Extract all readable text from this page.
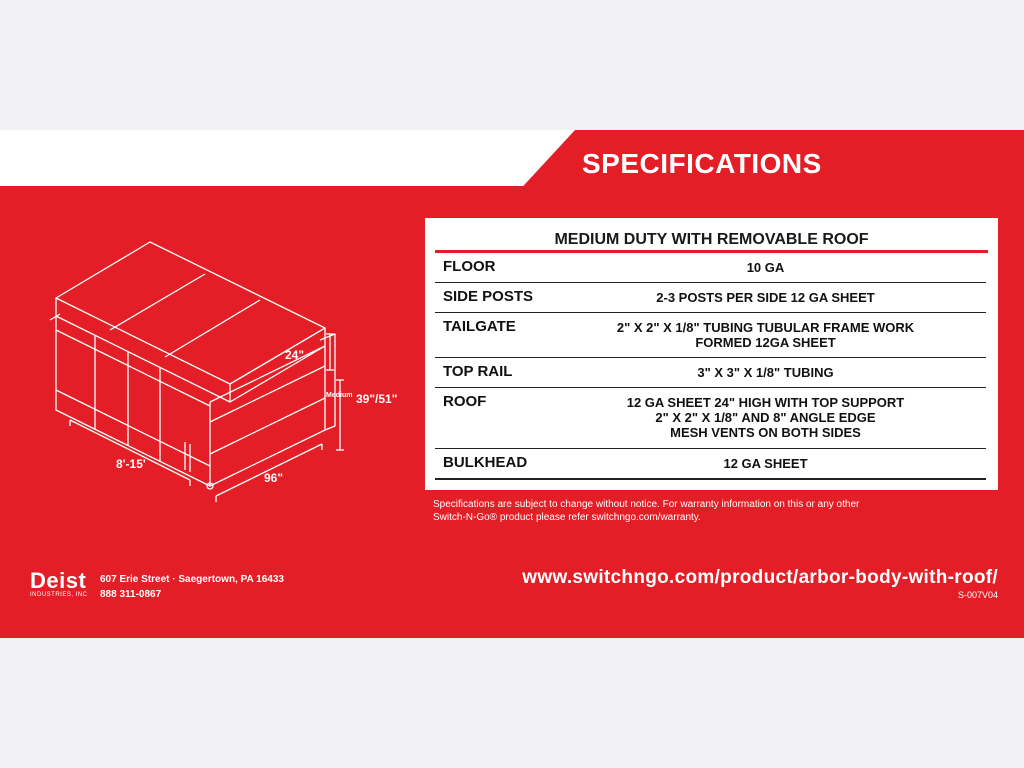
SPECIFICATIONS
24"
Medium 39"/51"
8'-15'
96"
MEDIUM DUTY WITH REMOVABLE ROOF
FLOOR	10 GA
SIDE POSTS	2-3 POSTS PER SIDE 12 GA SHEET
TAILGATE	2" X 2" X 1/8" TUBING TUBULAR FRAME WORK
FORMED 12GA SHEET
TOP RAIL	3" X 3" X 1/8" TUBING
ROOF	12 GA SHEET 24" HIGH WITH TOP SUPPORT
2" X 2" X 1/8" AND 8" ANGLE EDGE
MESH VENTS ON BOTH SIDES
BULKHEAD	12 GA SHEET
Specifications are subject to change without notice. For warranty information on this or any other
Switch-N-Go® product please refer switchngo.com/warranty.
Deist
INDUSTRIES, INC
607 Erie Street · Saegertown, PA 16433
888 311-0867
www.switchngo.com/product/arbor-body-with-roof/
S-007V04
